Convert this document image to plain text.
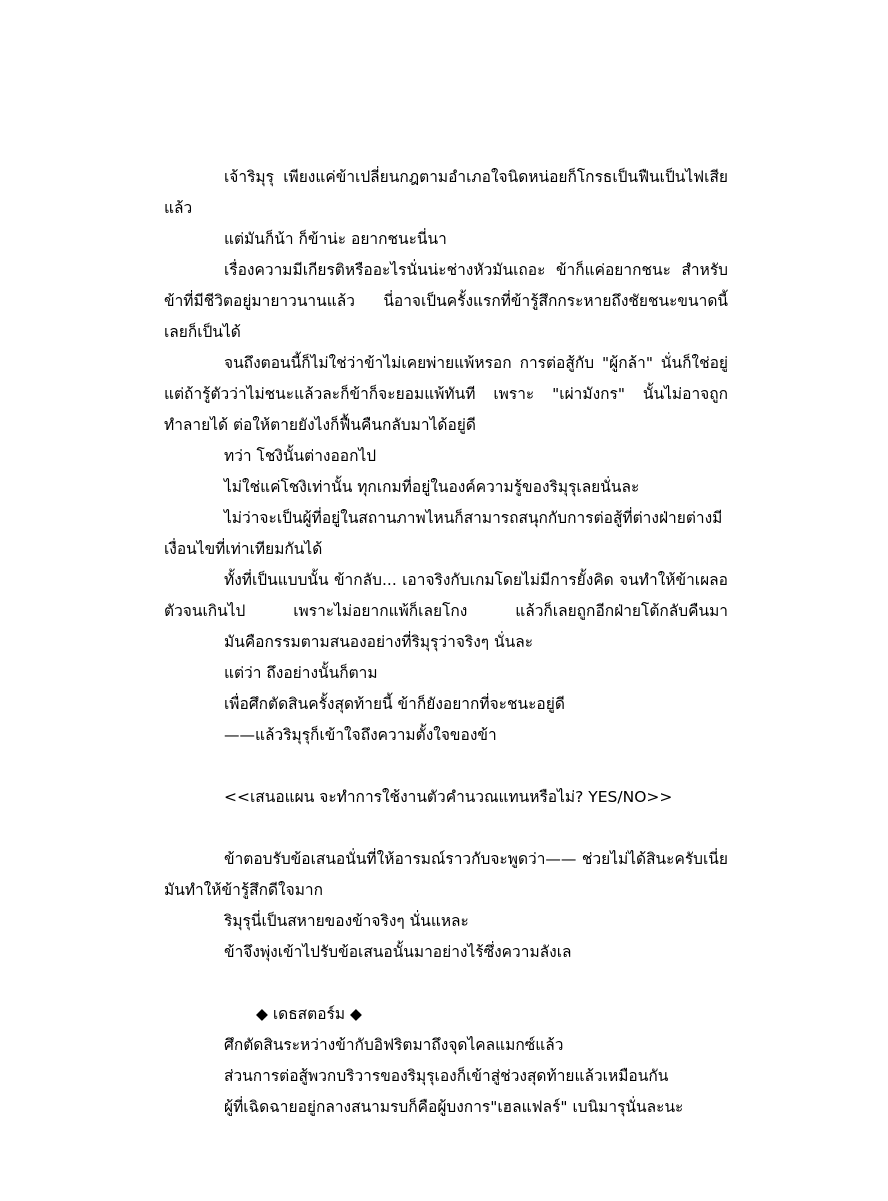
เจ้าริมุรุ เพียงแค่ข้าเปลี่ยนกฎตามอำเภอใจนิดหน่อยก็โกรธเป็นฟืนเป็นไฟเสียแล้ว

แต่มันก็น้า ก็ข้าน่ะ อยากชนะนี่นา

เรื่องความมีเกียรติหรืออะไรนั่นน่ะช่างหัวมันเถอะ ข้าก็แค่อยากชนะ สำหรับข้าที่มีชีวิตอยู่มายาวนานแล้ว นี่อาจเป็นครั้งแรกที่ข้ารู้สึกกระหายถึงชัยชนะขนาดนี้เลยก็เป็นได้

จนถึงตอนนี้ก็ไม่ใช่ว่าข้าไม่เคยพ่ายแพ้หรอก การต่อสู้กับ "ผู้กล้า" นั่นก็ใช่อยู่ แต่ถ้ารู้ตัวว่าไม่ชนะแล้วละก็ข้าก็จะยอมแพ้ทันที เพราะ "เผ่ามังกร" นั้นไม่อาจถูกทำลายได้ ต่อให้ตายยังไงก็ฟื้นคืนกลับมาได้อยู่ดี

ทว่า โชงินั้นต่างออกไป

ไม่ใช่แค่โชงิเท่านั้น ทุกเกมที่อยู่ในองค์ความรู้ของริมุรุเลยนั่นละ

ไม่ว่าจะเป็นผู้ที่อยู่ในสถานภาพไหนก็สามารถสนุกกับการต่อสู้ที่ต่างฝ่ายต่างมีเงื่อนไขที่เท่าเทียมกันได้

ทั้งที่เป็นแบบนั้น ข้ากลับ... เอาจริงกับเกมโดยไม่มีการยั้งคิด จนทำให้ข้าเผลอตัวจนเกินไป เพราะไม่อยากแพ้ก็เลยโกง แล้วก็เลยถูกอีกฝ่ายโต้กลับคืนมา

มันคือกรรมตามสนองอย่างที่ริมุรุว่าจริงๆ นั่นละ

แต่ว่า ถึงอย่างนั้นก็ตาม

เพื่อศึกตัดสินครั้งสุดท้ายนี้ ข้าก็ยังอยากที่จะชนะอยู่ดี

——แล้วริมุรุก็เข้าใจถึงความตั้งใจของข้า

<<เสนอแผน จะทำการใช้งานตัวคำนวณแทนหรือไม่? YES/NO>>

ข้าตอบรับข้อเสนอนั่นที่ให้อารมณ์ราวกับจะพูดว่า—— ช่วยไม่ได้สินะครับเนี่ย มันทำให้ข้ารู้สึกดีใจมาก

ริมุรุนี่เป็นสหายของข้าจริงๆ นั่นแหละ

ข้าจึงพุ่งเข้าไปรับข้อเสนอนั้นมาอย่างไร้ซึ่งความลังเล

◆ เดธสตอร์ม ◆

ศึกตัดสินระหว่างข้ากับอิฟริตมาถึงจุดไคลแมกซ์แล้ว

ส่วนการต่อสู้พวกบริวารของริมุรุเองก็เข้าสู่ช่วงสุดท้ายแล้วเหมือนกัน

ผู้ที่เฉิดฉายอยู่กลางสนามรบก็คือผู้บงการ"เฮลแฟลร์" เบนิมารุนั่นละนะ
